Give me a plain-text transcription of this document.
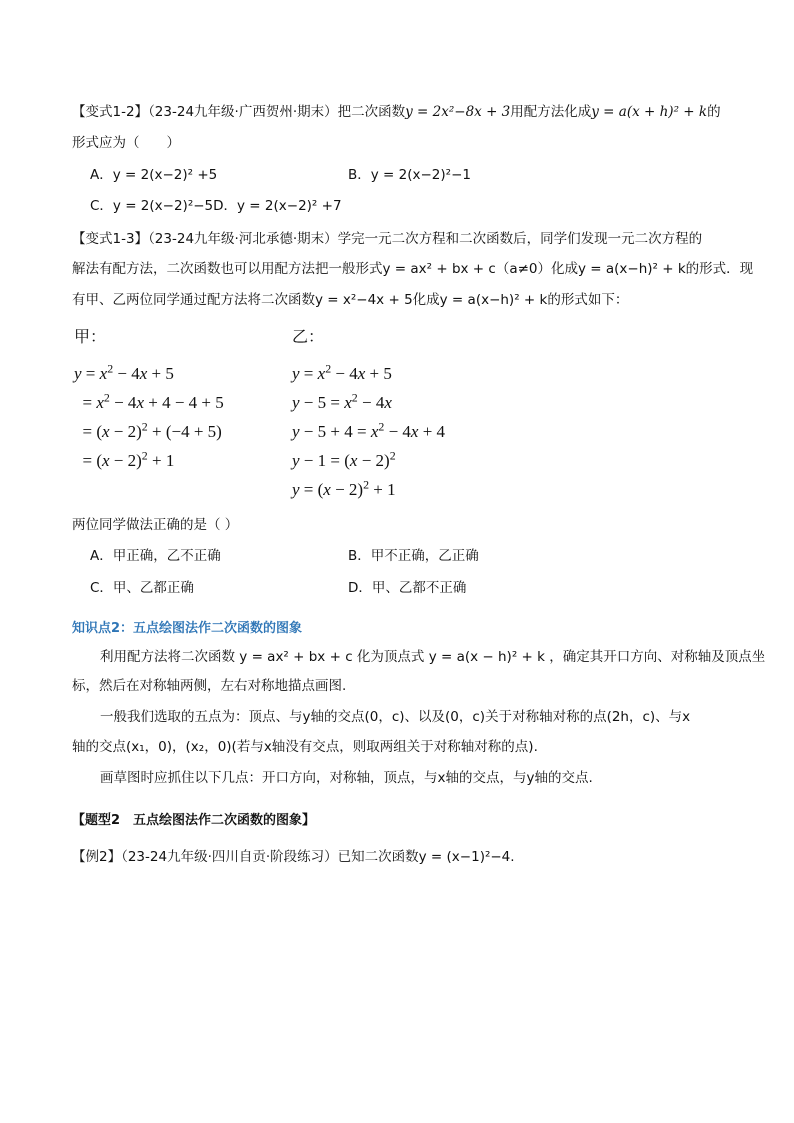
【变式1-2】（23-24九年级·广西贺州·期末）把二次函数y = 2x²−8x + 3用配方法化成y = a(x + h)² + k的
形式应为（　　）
A．y = 2(x−2)² +5	B．y = 2(x−2)²−1
C．y = 2(x−2)²−5D．y = 2(x−2)² +7
【变式1-3】（23-24九年级·河北承德·期末）学完一元二次方程和二次函数后，同学们发现一元二次方程的
解法有配方法，二次函数也可以用配方法把一般形式y = ax² + bx + c（a≠0）化成y = a(x−h)² + k的形式．现
有甲、乙两位同学通过配方法将二次函数y = x²−4x + 5化成y = a(x−h)² + k的形式如下：
甲：
$y = x^2 - 4x + 5$
= $x^2 - 4x + 4 - 4 + 5$
= $(x - 2)^2 + (-4 + 5)$
= $(x - 2)^2 + 1$
乙：
$y = x^2 - 4x + 5$
$y - 5 = x^2 - 4x$
$y - 5 + 4 = x^2 - 4x + 4$
$y - 1 = (x - 2)^2$
$y = (x - 2)^2 + 1$
两位同学做法正确的是（ ）
A．甲正确，乙不正确	B．甲不正确，乙正确
C．甲、乙都正确	D．甲、乙都不正确
知识点2：五点绘图法作二次函数的图象
利用配方法将二次函数 y = ax² + bx + c 化为顶点式 y = a(x − h)² + k ，确定其开口方向、对称轴及顶点坐
标，然后在对称轴两侧，左右对称地描点画图.
一般我们选取的五点为：顶点、与y轴的交点(0，c)、以及(0，c)关于对称轴对称的点(2h，c)、与x
轴的交点(x₁，0)，(x₂，0)(若与x轴没有交点，则取两组关于对称轴对称的点).
画草图时应抓住以下几点：开口方向，对称轴，顶点，与x轴的交点，与y轴的交点.
【题型2　五点绘图法作二次函数的图象】
【例2】（23-24九年级·四川自贡·阶段练习）已知二次函数y = (x−1)²−4.
